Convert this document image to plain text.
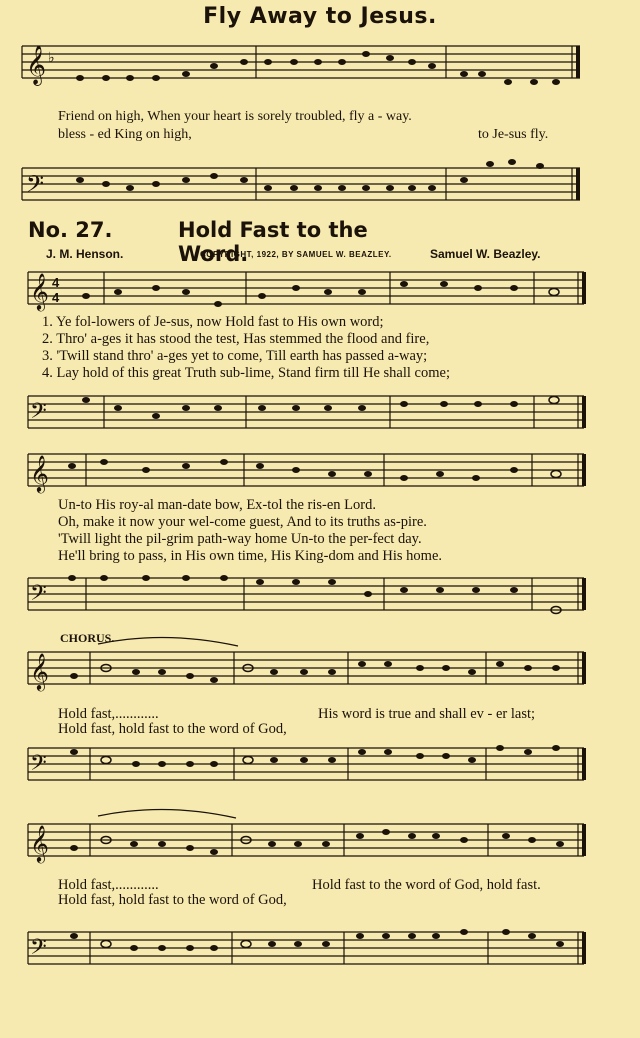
Fly Away to Jesus.
𝄞 ♭
Friend on high, When your heart is sorely troubled, fly a - way.
bless - ed King on high,	to Je-sus fly.
𝄢
No. 27.	Hold Fast to the Word.
J. M. Henson.	COPYRIGHT, 1922, BY SAMUEL W. BEAZLEY.	Samuel W. Beazley.
𝄞 4
4
1. Ye fol-lowers of Je-sus, now Hold fast to His own word;
2. Thro' a-ges it has stood the test, Has stemmed the flood and fire,
3. 'Twill stand thro' a-ges yet to come, Till earth has passed a-way;
4. Lay hold of this great Truth sub-lime, Stand firm till He shall come;
𝄢
𝄞
Un-to His roy-al man-date bow, Ex-tol the ris-en Lord.
Oh, make it now your wel-come guest, And to its truths as-pire.
'Twill light the pil-grim path-way home Un-to the per-fect day.
He'll bring to pass, in His own time, His King-dom and His home.
𝄢
CHORUS.
𝄞
Hold fast,............	His word is true and shall ev - er last;
Hold fast, hold fast to the word of God,
𝄢
𝄞
Hold fast,............	Hold fast to the word of God, hold fast.
Hold fast, hold fast to the word of God,
𝄢
